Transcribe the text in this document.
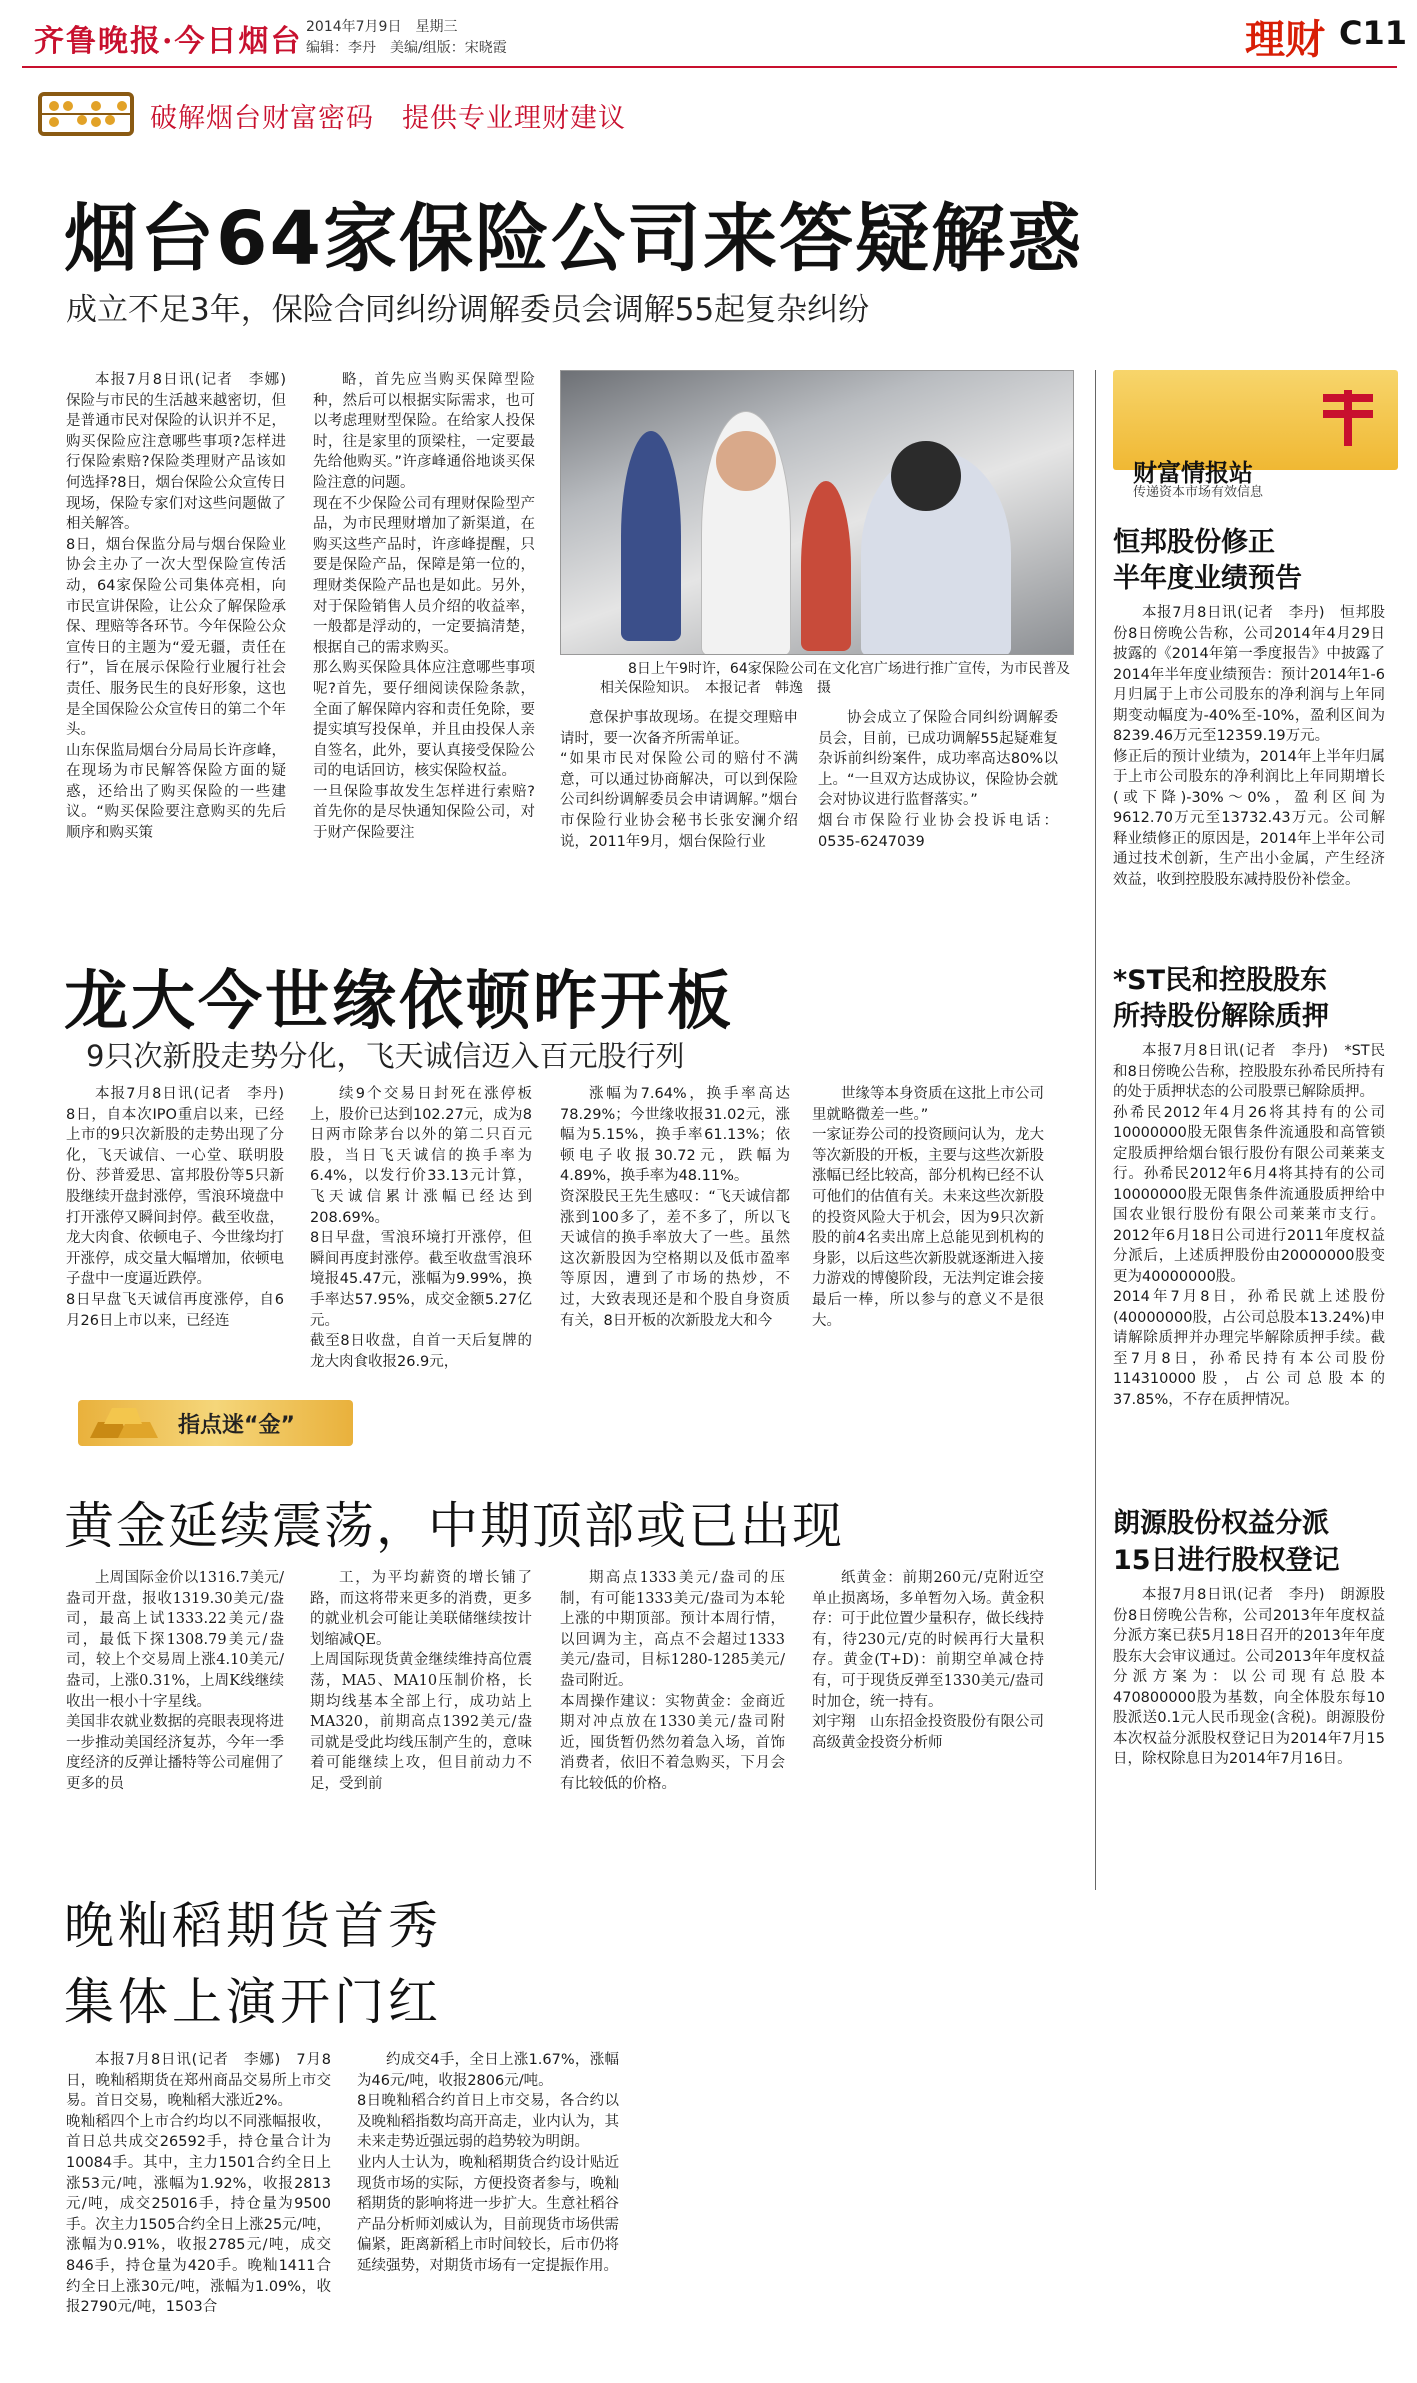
齐鲁晚报·今日烟台 2014年7月9日　星期三
编辑：李丹　美编/组版：宋晓霞	理财 C11
破解烟台财富密码　提供专业理财建议
烟台64家保险公司来答疑解惑
成立不足3年，保险合同纠纷调解委员会调解55起复杂纠纷
本报7月8日讯(记者　李娜)　保险与市民的生活越来越密切，但是普通市民对保险的认识并不足，购买保险应注意哪些事项?怎样进行保险索赔?保险类理财产品该如何选择?8日，烟台保险公众宣传日现场，保险专家们对这些问题做了相关解答。
8日，烟台保监分局与烟台保险业协会主办了一次大型保险宣传活动，64家保险公司集体亮相，向市民宣讲保险，让公众了解保险承保、理赔等各环节。今年保险公众宣传日的主题为“爱无疆，责任在行”，旨在展示保险行业履行社会责任、服务民生的良好形象，这也是全国保险公众宣传日的第二个年头。
山东保监局烟台分局局长许彦峰，在现场为市民解答保险方面的疑惑，还给出了购买保险的一些建议。“购买保险要注意购买的先后顺序和购买策
略，首先应当购买保障型险种，然后可以根据实际需求，也可以考虑理财型保险。在给家人投保时，往是家里的顶梁柱，一定要最先给他购买。”许彦峰通俗地谈买保险注意的问题。
现在不少保险公司有理财保险型产品，为市民理财增加了新渠道，在购买这些产品时，许彦峰提醒，只要是保险产品，保障是第一位的，理财类保险产品也是如此。另外，对于保险销售人员介绍的收益率，一般都是浮动的，一定要搞清楚，根据自己的需求购买。
那么购买保险具体应注意哪些事项呢?首先，要仔细阅读保险条款，全面了解保障内容和责任免除，要提实填写投保单，并且由投保人亲自签名，此外，要认真接受保险公司的电话回访，核实保险权益。
一旦保险事故发生怎样进行索赔?首先你的是尽快通知保险公司，对于财产保险要注
8日上午9时许，64家保险公司在文化宫广场进行推广宣传，为市民普及相关保险知识。　本报记者　韩逸　摄
意保护事故现场。在提交理赔申请时，要一次备齐所需单证。
“如果市民对保险公司的赔付不满意，可以通过协商解决，可以到保险公司纠纷调解委员会申请调解。”烟台市保险行业协会秘书长张安澜介绍说，2011年9月，烟台保险行业
协会成立了保险合同纠纷调解委员会，目前，已成功调解55起疑难复杂诉前纠纷案件，成功率高达80%以上。“一旦双方达成协议，保险协会就会对协议进行监督落实。”
烟台市保险行业协会投诉电话：0535-6247039
财富情报站
传递资本市场有效信息
恒邦股份修正
半年度业绩预告
本报7月8日讯(记者　李丹)　恒邦股份8日傍晚公告称，公司2014年4月29日披露的《2014年第一季度报告》中披露了2014年半年度业绩预告：预计2014年1-6月归属于上市公司股东的净利润与上年同期变动幅度为-40%至-10%，盈利区间为8239.46万元至12359.19万元。
修正后的预计业绩为，2014年上半年归属于上市公司股东的净利润比上年同期增长(或下降)-30%～0%，盈利区间为9612.70万元至13732.43万元。公司解释业绩修正的原因是，2014年上半年公司通过技术创新，生产出小金属，产生经济效益，收到控股股东减持股份补偿金。
*ST民和控股股东
所持股份解除质押
本报7月8日讯(记者　李丹)　*ST民和8日傍晚公告称，控股股东孙希民所持有的处于质押状态的公司股票已解除质押。
孙希民2012年4月26将其持有的公司10000000股无限售条件流通股和高管锁定股质押给烟台银行股份有限公司莱莱支行。孙希民2012年6月4将其持有的公司10000000股无限售条件流通股质押给中国农业银行股份有限公司莱莱市支行。2012年6月18日公司进行2011年度权益分派后，上述质押股份由20000000股变更为40000000股。
2014年7月8日，孙希民就上述股份(40000000股，占公司总股本13.24%)申请解除质押并办理完毕解除质押手续。截至7月8日，孙希民持有本公司股份114310000股，占公司总股本的37.85%，不存在质押情况。
朗源股份权益分派
15日进行股权登记
本报7月8日讯(记者　李丹)　朗源股份8日傍晚公告称，公司2013年年度权益分派方案已获5月18日召开的2013年年度股东大会审议通过。公司2013年年度权益分派方案为：以公司现有总股本470800000股为基数，向全体股东每10股派送0.1元人民币现金(含税)。朗源股份本次权益分派股权登记日为2014年7月15日，除权除息日为2014年7月16日。
龙大今世缘依顿昨开板
9只次新股走势分化，飞天诚信迈入百元股行列
本报7月8日讯(记者　李丹)　8日，自本次IPO重启以来，已经上市的9只次新股的走势出现了分化，飞天诚信、一心堂、联明股份、莎普爱思、富邦股份等5只新股继续开盘封涨停，雪浪环境盘中打开涨停又瞬间封停。截至收盘，龙大肉食、依顿电子、今世缘均打开涨停，成交量大幅增加，依顿电子盘中一度逼近跌停。
8日早盘飞天诚信再度涨停，自6月26日上市以来，已经连
续9个交易日封死在涨停板上，股价已达到102.27元，成为8日两市除茅台以外的第二只百元股，当日飞天诚信的换手率为6.4%，以发行价33.13元计算，飞天诚信累计涨幅已经达到208.69%。
8日早盘，雪浪环境打开涨停，但瞬间再度封涨停。截至收盘雪浪环境报45.47元，涨幅为9.99%，换手率达57.95%，成交金额5.27亿元。
截至8日收盘，自首一天后复牌的龙大肉食收报26.9元，
涨幅为7.64%，换手率高达78.29%；今世缘收报31.02元，涨幅为5.15%，换手率61.13%；依顿电子收报30.72元，跌幅为4.89%，换手率为48.11%。
资深股民王先生感叹：“飞天诚信都涨到100多了，差不多了，所以飞天诚信的换手率放大了一些。虽然这次新股因为空格期以及低市盈率等原因，遭到了市场的热炒，不过，大致表现还是和个股自身资质有关，8日开板的次新股龙大和今
世缘等本身资质在这批上市公司里就略微差一些。”
一家证券公司的投资顾问认为，龙大等次新股的开板，主要与这些次新股涨幅已经比较高，部分机构已经不认可他们的估值有关。未来这些次新股的投资风险大于机会，因为9只次新股的前4名卖出席上总能见到机构的身影，以后这些次新股就逐渐进入接力游戏的博傻阶段，无法判定谁会接最后一棒，所以参与的意义不是很大。
指点迷“金”
黄金延续震荡，中期顶部或已出现
上周国际金价以1316.7美元/盎司开盘，报收1319.30美元/盎司，最高上试1333.22美元/盎司，最低下探1308.79美元/盎司，较上个交易周上涨4.10美元/盎司，上涨0.31%，上周K线继续收出一根小十字星线。
美国非农就业数据的亮眼表现将进一步推动美国经济复苏，今年一季度经济的反弹让播特等公司雇佣了更多的员
工，为平均薪资的增长铺了路，而这将带来更多的消费，更多的就业机会可能让美联储继续按计划缩减QE。
上周国际现货黄金继续维持高位震荡，MA5、MA10压制价格，长期均线基本全部上行，成功站上MA320，前期高点1392美元/盎司就是受此均线压制产生的，意味着可能继续上攻，但目前动力不足，受到前
期高点1333美元/盎司的压制，有可能1333美元/盎司为本轮上涨的中期顶部。预计本周行情，以回调为主，高点不会超过1333美元/盎司，目标1280-1285美元/盎司附近。
本周操作建议：实物黄金：金商近期对冲点放在1330美元/盎司附近，囤货暂仍然勿着急入场，首饰消费者，依旧不着急购买，下月会有比较低的价格。
纸黄金：前期260元/克附近空单止损离场，多单暂勿入场。黄金积存：可于此位置少量积存，做长线持有，待230元/克的时候再行大量积存。黄金(T+D)：前期空单减仓持有，可于现货反弹至1330美元/盎司时加仓，统一持有。
刘宇翔　山东招金投资股份有限公司高级黄金投资分析师
晚籼稻期货首秀
集体上演开门红
本报7月8日讯(记者　李娜)　7月8日，晚籼稻期货在郑州商品交易所上市交易。首日交易，晚籼稻大涨近2%。
晚籼稻四个上市合约均以不同涨幅报收，首日总共成交26592手，持仓量合计为10084手。其中，主力1501合约全日上涨53元/吨，涨幅为1.92%，收报2813元/吨，成交25016手，持仓量为9500手。次主力1505合约全日上涨25元/吨，涨幅为0.91%，收报2785元/吨，成交846手，持仓量为420手。晚籼1411合约全日上涨30元/吨，涨幅为1.09%，收报2790元/吨，1503合
约成交4手，全日上涨1.67%，涨幅为46元/吨，收报2806元/吨。
8日晚籼稻合约首日上市交易，各合约以及晚籼稻指数均高开高走，业内认为，其未来走势近强远弱的趋势较为明朗。
业内人士认为，晚籼稻期货合约设计贴近现货市场的实际，方便投资者参与，晚籼稻期货的影响将进一步扩大。生意社稻谷产品分析师刘威认为，目前现货市场供需偏紧，距离新稻上市时间较长，后市仍将延续强势，对期货市场有一定提振作用。
